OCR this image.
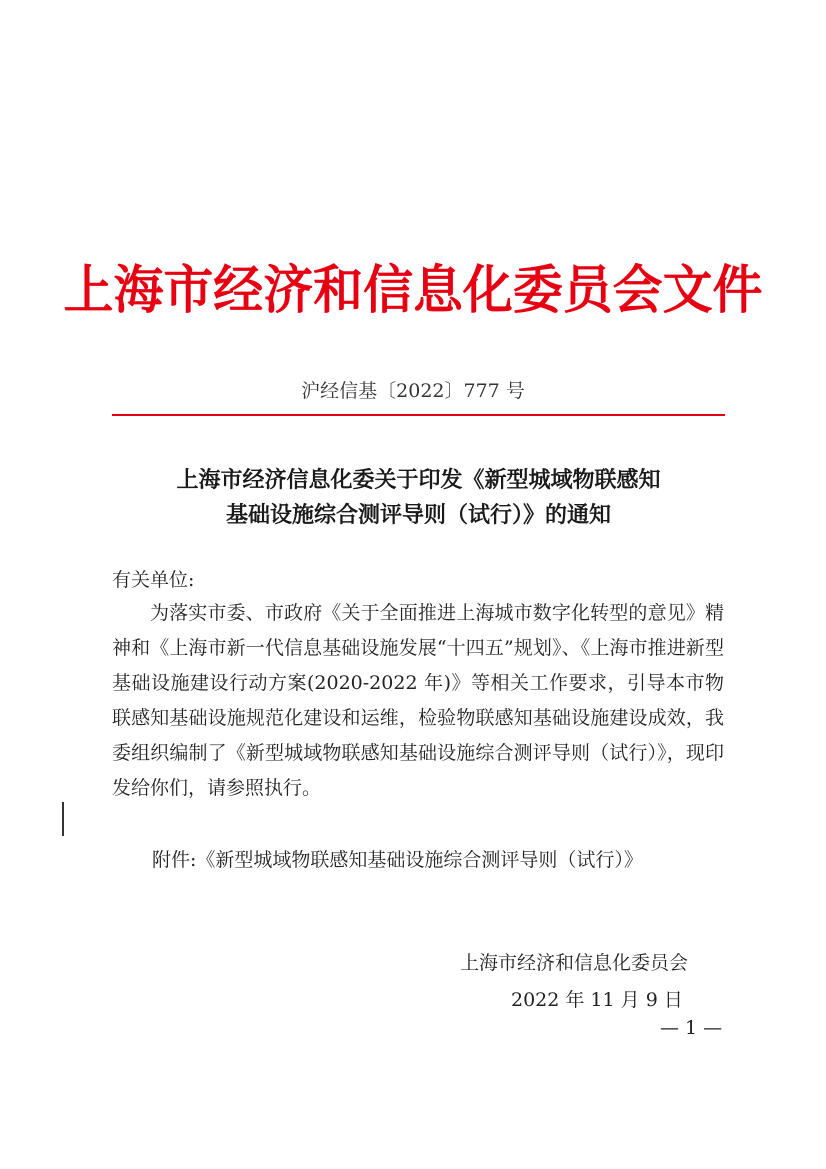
上海市经济和信息化委员会文件
沪经信基〔2022〕777 号
上海市经济信息化委关于印发《新型城域物联感知
基础设施综合测评导则（试行）》的通知
有关单位:
为落实市委、市政府《关于全面推进上海城市数字化转型的意见》精神和《上海市新一代信息基础设施发展“十四五”规划》、《上海市推进新型基础设施建设行动方案(2020-2022 年)》等相关工作要求，引导本市物联感知基础设施规范化建设和运维，检验物联感知基础设施建设成效，我委组织编制了《新型城域物联感知基础设施综合测评导则（试行）》，现印发给你们，请参照执行。
附件:《新型城域物联感知基础设施综合测评导则（试行）》
上海市经济和信息化委员会
2022 年 11 月 9 日
— 1 —
